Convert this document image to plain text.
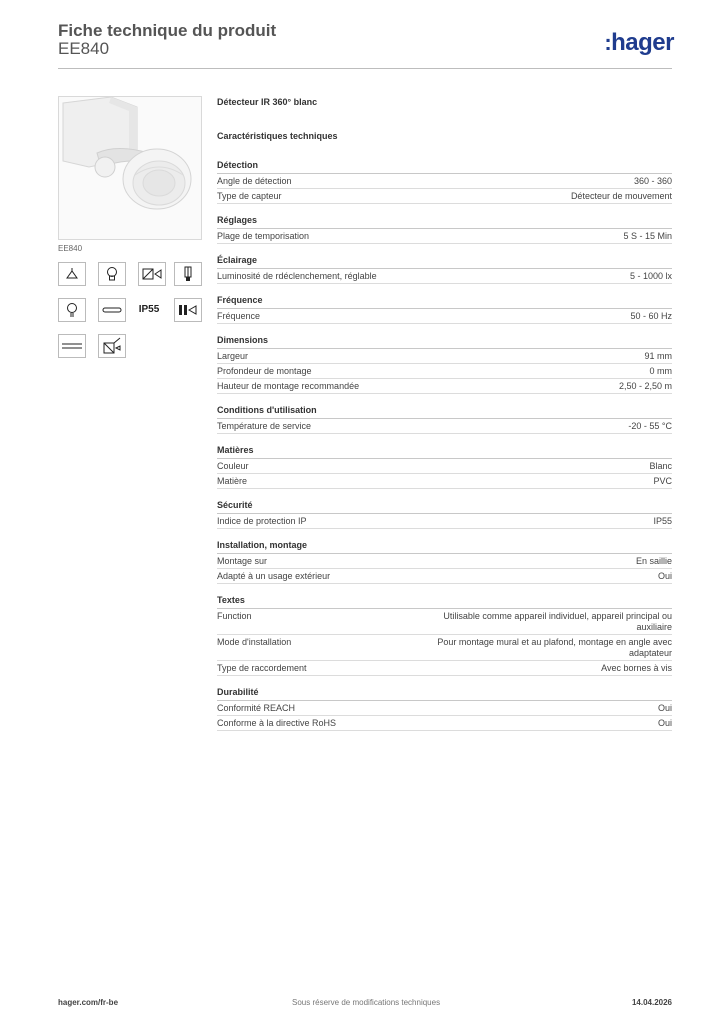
Fiche technique du produit
EE840	:hager
EE840
IP55
Détecteur IR 360° blanc
Caractéristiques techniques
Détection
Angle de détection	360 - 360
Type de capteur	Détecteur de mouvement
Réglages
Plage de temporisation	5 S - 15 Min
Éclairage
Luminosité de rdéclenchement, réglable	5 - 1000 lx
Fréquence
Fréquence	50 - 60 Hz
Dimensions
Largeur	91 mm
Profondeur de montage	0 mm
Hauteur de montage recommandée	2,50 - 2,50 m
Conditions d'utilisation
Température de service	-20 - 55 °C
Matières
Couleur	Blanc
Matière	PVC
Sécurité
Indice de protection IP	IP55
Installation, montage
Montage sur	En saillie
Adapté à un usage extérieur	Oui
Textes
Function	Utilisable comme appareil individuel, appareil principal ou auxiliaire
Mode d'installation	Pour montage mural et au plafond, montage en angle avec adaptateur
Type de raccordement	Avec bornes à vis
Durabilité
Conformité REACH	Oui
Conforme à la directive RoHS	Oui
hager.com/fr-be	Sous réserve de modifications techniques	14.04.2026
